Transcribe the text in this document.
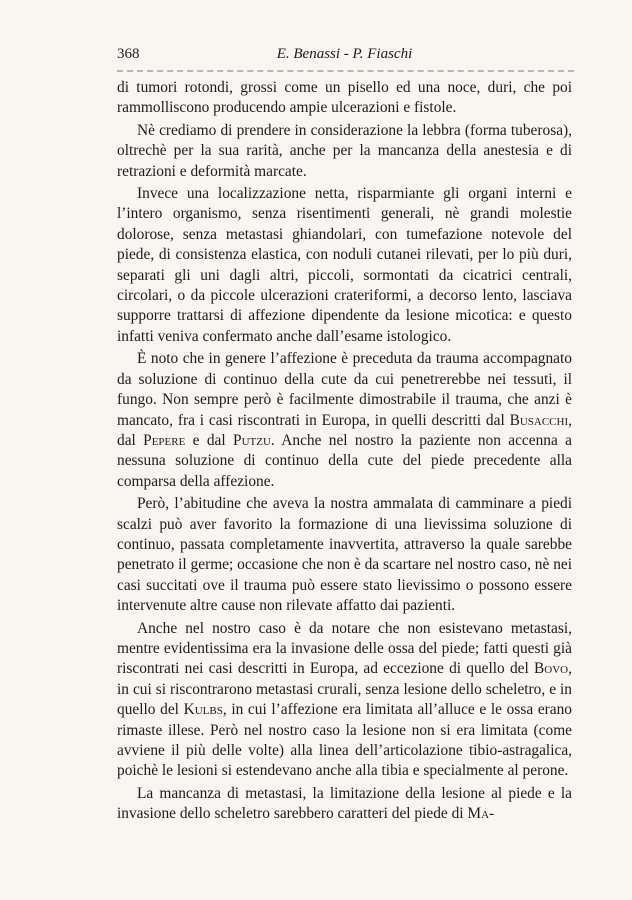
368	E. Benassi - P. Fiaschi

di tumori rotondi, grossi come un pisello ed una noce, duri, che poi rammolliscono producendo ampie ulcerazioni e fistole.

Nè crediamo di prendere in considerazione la lebbra (forma tuberosa), oltrechè per la sua rarità, anche per la mancanza della anestesia e di retrazioni e deformità marcate.

Invece una localizzazione netta, risparmiante gli organi interni e l’intero organismo, senza risentimenti generali, nè grandi molestie dolorose, senza metastasi ghiandolari, con tumefazione notevole del piede, di consistenza elastica, con noduli cutanei rilevati, per lo più duri, separati gli uni dagli altri, piccoli, sormontati da cicatrici centrali, circolari, o da piccole ulcerazioni crateriformi, a decorso lento, lasciava supporre trattarsi di affezione dipendente da lesione micotica: e questo infatti veniva confermato anche dall’esame istologico.

È noto che in genere l’affezione è preceduta da trauma accompagnato da soluzione di continuo della cute da cui penetrerebbe nei tessuti, il fungo. Non sempre però è facilmente dimostrabile il trauma, che anzi è mancato, fra i casi riscontrati in Europa, in quelli descritti dal Busacchi, dal Pepere e dal Putzu. Anche nel nostro la paziente non accenna a nessuna soluzione di continuo della cute del piede precedente alla comparsa della affezione.

Però, l’abitudine che aveva la nostra ammalata di camminare a piedi scalzi può aver favorito la formazione di una lievissima soluzione di continuo, passata completamente inavvertita, attraverso la quale sarebbe penetrato il germe; occasione che non è da scartare nel nostro caso, nè nei casi succitati ove il trauma può essere stato lievissimo o possono essere intervenute altre cause non rilevate affatto dai pazienti.

Anche nel nostro caso è da notare che non esistevano metastasi, mentre evidentissima era la invasione delle ossa del piede; fatti questi già riscontrati nei casi descritti in Europa, ad eccezione di quello del Bovo, in cui si riscontrarono metastasi crurali, senza lesione dello scheletro, e in quello del Kulbs, in cui l’affezione era limitata all’alluce e le ossa erano rimaste illese. Però nel nostro caso la lesione non si era limitata (come avviene il più delle volte) alla linea dell’articolazione tibio-astragalica, poichè le lesioni si estendevano anche alla tibia e specialmente al perone.

La mancanza di metastasi, la limitazione della lesione al piede e la invasione dello scheletro sarebbero caratteri del piede di Ma-
